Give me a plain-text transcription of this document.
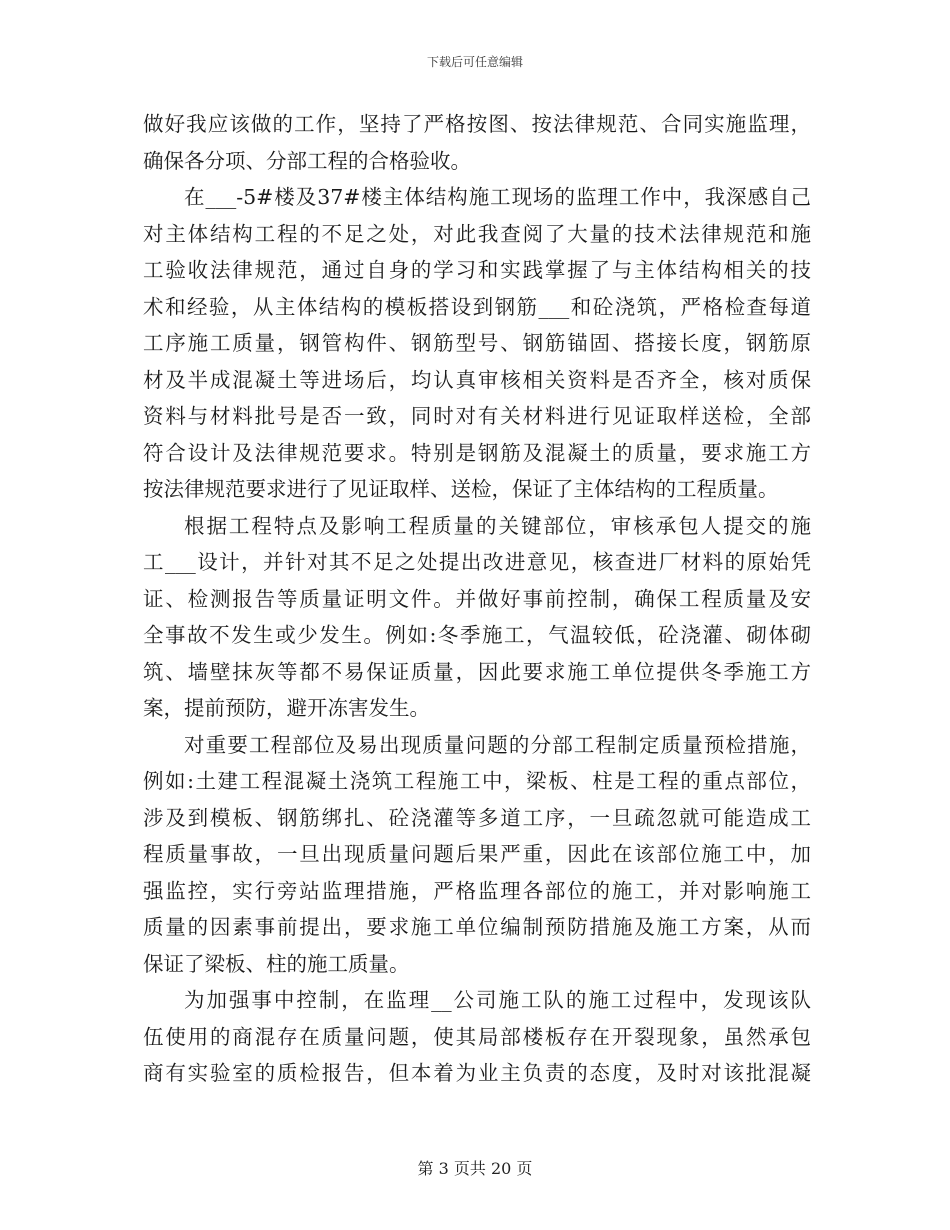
下载后可任意编辑
做好我应该做的工作，坚持了严格按图、按法律规范、合同实施监理，
确保各分项、分部工程的合格验收。
在___-5#楼及37#楼主体结构施工现场的监理工作中，我深感自己
对主体结构工程的不足之处，对此我查阅了大量的技术法律规范和施
工验收法律规范，通过自身的学习和实践掌握了与主体结构相关的技
术和经验，从主体结构的模板搭设到钢筋___和砼浇筑，严格检查每道
工序施工质量，钢管构件、钢筋型号、钢筋锚固、搭接长度，钢筋原
材及半成混凝土等进场后，均认真审核相关资料是否齐全，核对质保
资料与材料批号是否一致，同时对有关材料进行见证取样送检，全部
符合设计及法律规范要求。特别是钢筋及混凝土的质量，要求施工方
按法律规范要求进行了见证取样、送检，保证了主体结构的工程质量。
根据工程特点及影响工程质量的关键部位，审核承包人提交的施
工___设计，并针对其不足之处提出改进意见，核查进厂材料的原始凭
证、检测报告等质量证明文件。并做好事前控制，确保工程质量及安
全事故不发生或少发生。例如:冬季施工，气温较低，砼浇灌、砌体砌
筑、墙壁抹灰等都不易保证质量，因此要求施工单位提供冬季施工方
案，提前预防，避开冻害发生。
对重要工程部位及易出现质量问题的分部工程制定质量预检措施，
例如:土建工程混凝土浇筑工程施工中，梁板、柱是工程的重点部位，
涉及到模板、钢筋绑扎、砼浇灌等多道工序，一旦疏忽就可能造成工
程质量事故，一旦出现质量问题后果严重，因此在该部位施工中，加
强监控，实行旁站监理措施，严格监理各部位的施工，并对影响施工
质量的因素事前提出，要求施工单位编制预防措施及施工方案，从而
保证了梁板、柱的施工质量。
为加强事中控制，在监理__公司施工队的施工过程中，发现该队
伍使用的商混存在质量问题，使其局部楼板存在开裂现象，虽然承包
商有实验室的质检报告，但本着为业主负责的态度，及时对该批混凝
第 3 页共 20 页
